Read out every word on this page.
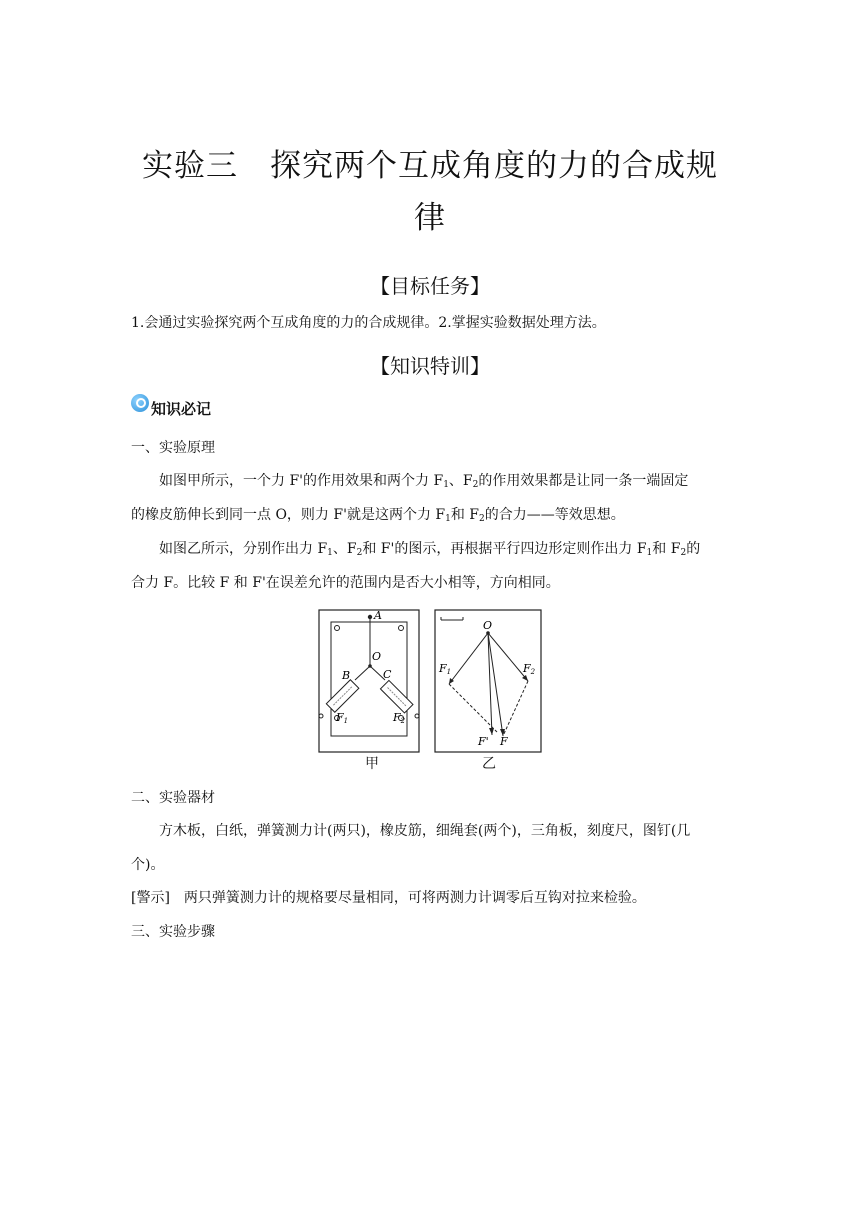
实验三　探究两个互成角度的力的合成规
律
【目标任务】
1.会通过实验探究两个互成角度的力的合成规律。2.掌握实验数据处理方法。
【知识特训】
知识必记
一、实验原理
如图甲所示，一个力 F'的作用效果和两个力 $F_1$、$F_2$的作用效果都是让同一条一端固定
的橡皮筋伸长到同一点 O，则力 F'就是这两个力 $F_1$和 $F_2$的合力——等效思想。
如图乙所示，分别作出力 $F_1$、$F_2$和 F'的图示，再根据平行四边形定则作出力 $F_1$和 $F_2$的
合力 F。比较 F 和 F'在误差允许的范围内是否大小相等，方向相同。
A
O
B	C
F1	F2
O
F1	F2
F' F
甲	乙
二、实验器材
方木板，白纸，弹簧测力计(两只)，橡皮筋，细绳套(两个)，三角板，刻度尺，图钉(几
个)。
[警示]　两只弹簧测力计的规格要尽量相同，可将两测力计调零后互钩对拉来检验。
三、实验步骤
